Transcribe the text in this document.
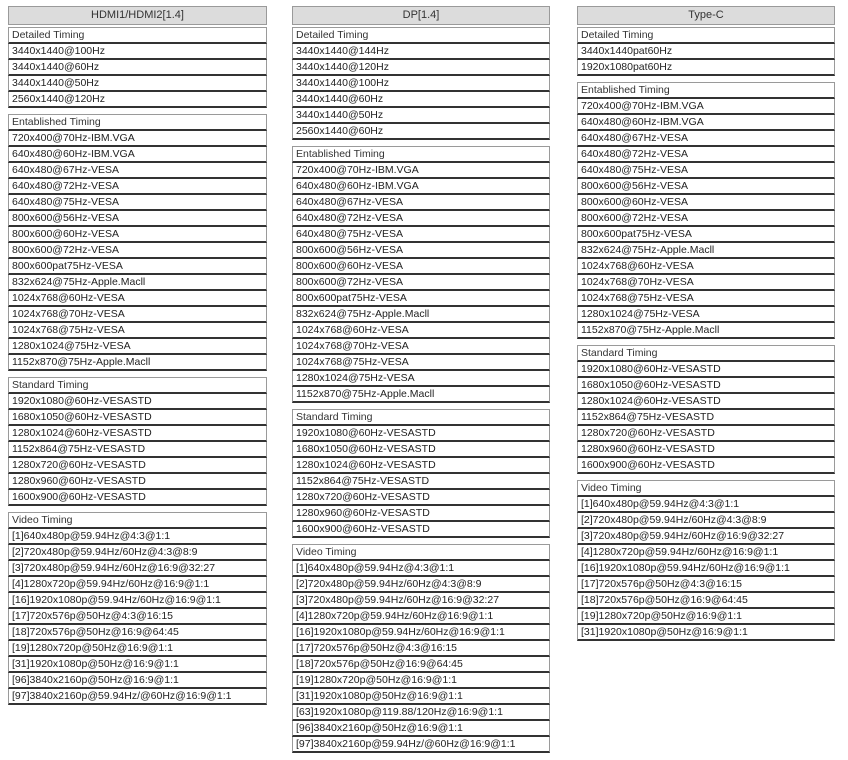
HDMI1/HDMI2[1.4]
Detailed Timing
3440x1440@100Hz
3440x1440@60Hz
3440x1440@50Hz
2560x1440@120Hz
Entablished Timing
720x400@70Hz-IBM.VGA
640x480@60Hz-IBM.VGA
640x480@67Hz-VESA
640x480@72Hz-VESA
640x480@75Hz-VESA
800x600@56Hz-VESA
800x600@60Hz-VESA
800x600@72Hz-VESA
800x600pat75Hz-VESA
832x624@75Hz-Apple.Macll
1024x768@60Hz-VESA
1024x768@70Hz-VESA
1024x768@75Hz-VESA
1280x1024@75Hz-VESA
1152x870@75Hz-Apple.Macll
Standard Timing
1920x1080@60Hz-VESASTD
1680x1050@60Hz-VESASTD
1280x1024@60Hz-VESASTD
1152x864@75Hz-VESASTD
1280x720@60Hz-VESASTD
1280x960@60Hz-VESASTD
1600x900@60Hz-VESASTD
Video Timing
[1]640x480p@59.94Hz@4:3@1:1
[2]720x480p@59.94Hz/60Hz@4:3@8:9
[3]720x480p@59.94Hz/60Hz@16:9@32:27
[4]1280x720p@59.94Hz/60Hz@16:9@1:1
[16]1920x1080p@59.94Hz/60Hz@16:9@1:1
[17]720x576p@50Hz@4:3@16:15
[18]720x576p@50Hz@16:9@64:45
[19]1280x720p@50Hz@16:9@1:1
[31]1920x1080p@50Hz@16:9@1:1
[96]3840x2160p@50Hz@16:9@1:1
[97]3840x2160p@59.94Hz/@60Hz@16:9@1:1
DP[1.4]
Detailed Timing
3440x1440@144Hz
3440x1440@120Hz
3440x1440@100Hz
3440x1440@60Hz
3440x1440@50Hz
2560x1440@60Hz
Entablished Timing
720x400@70Hz-IBM.VGA
640x480@60Hz-IBM.VGA
640x480@67Hz-VESA
640x480@72Hz-VESA
640x480@75Hz-VESA
800x600@56Hz-VESA
800x600@60Hz-VESA
800x600@72Hz-VESA
800x600pat75Hz-VESA
832x624@75Hz-Apple.Macll
1024x768@60Hz-VESA
1024x768@70Hz-VESA
1024x768@75Hz-VESA
1280x1024@75Hz-VESA
1152x870@75Hz-Apple.Macll
Standard Timing
1920x1080@60Hz-VESASTD
1680x1050@60Hz-VESASTD
1280x1024@60Hz-VESASTD
1152x864@75Hz-VESASTD
1280x720@60Hz-VESASTD
1280x960@60Hz-VESASTD
1600x900@60Hz-VESASTD
Video Timing
[1]640x480p@59.94Hz@4:3@1:1
[2]720x480p@59.94Hz/60Hz@4:3@8:9
[3]720x480p@59.94Hz/60Hz@16:9@32:27
[4]1280x720p@59.94Hz/60Hz@16:9@1:1
[16]1920x1080p@59.94Hz/60Hz@16:9@1:1
[17]720x576p@50Hz@4:3@16:15
[18]720x576p@50Hz@16:9@64:45
[19]1280x720p@50Hz@16:9@1:1
[31]1920x1080p@50Hz@16:9@1:1
[63]1920x1080p@119.88/120Hz@16:9@1:1
[96]3840x2160p@50Hz@16:9@1:1
[97]3840x2160p@59.94Hz/@60Hz@16:9@1:1
Type-C
Detailed Timing
3440x1440pat60Hz
1920x1080pat60Hz
Entablished Timing
720x400@70Hz-IBM.VGA
640x480@60Hz-IBM.VGA
640x480@67Hz-VESA
640x480@72Hz-VESA
640x480@75Hz-VESA
800x600@56Hz-VESA
800x600@60Hz-VESA
800x600@72Hz-VESA
800x600pat75Hz-VESA
832x624@75Hz-Apple.Macll
1024x768@60Hz-VESA
1024x768@70Hz-VESA
1024x768@75Hz-VESA
1280x1024@75Hz-VESA
1152x870@75Hz-Apple.Macll
Standard Timing
1920x1080@60Hz-VESASTD
1680x1050@60Hz-VESASTD
1280x1024@60Hz-VESASTD
1152x864@75Hz-VESASTD
1280x720@60Hz-VESASTD
1280x960@60Hz-VESASTD
1600x900@60Hz-VESASTD
Video Timing
[1]640x480p@59.94Hz@4:3@1:1
[2]720x480p@59.94Hz/60Hz@4:3@8:9
[3]720x480p@59.94Hz/60Hz@16:9@32:27
[4]1280x720p@59.94Hz/60Hz@16:9@1:1
[16]1920x1080p@59.94Hz/60Hz@16:9@1:1
[17]720x576p@50Hz@4:3@16:15
[18]720x576p@50Hz@16:9@64:45
[19]1280x720p@50Hz@16:9@1:1
[31]1920x1080p@50Hz@16:9@1:1
